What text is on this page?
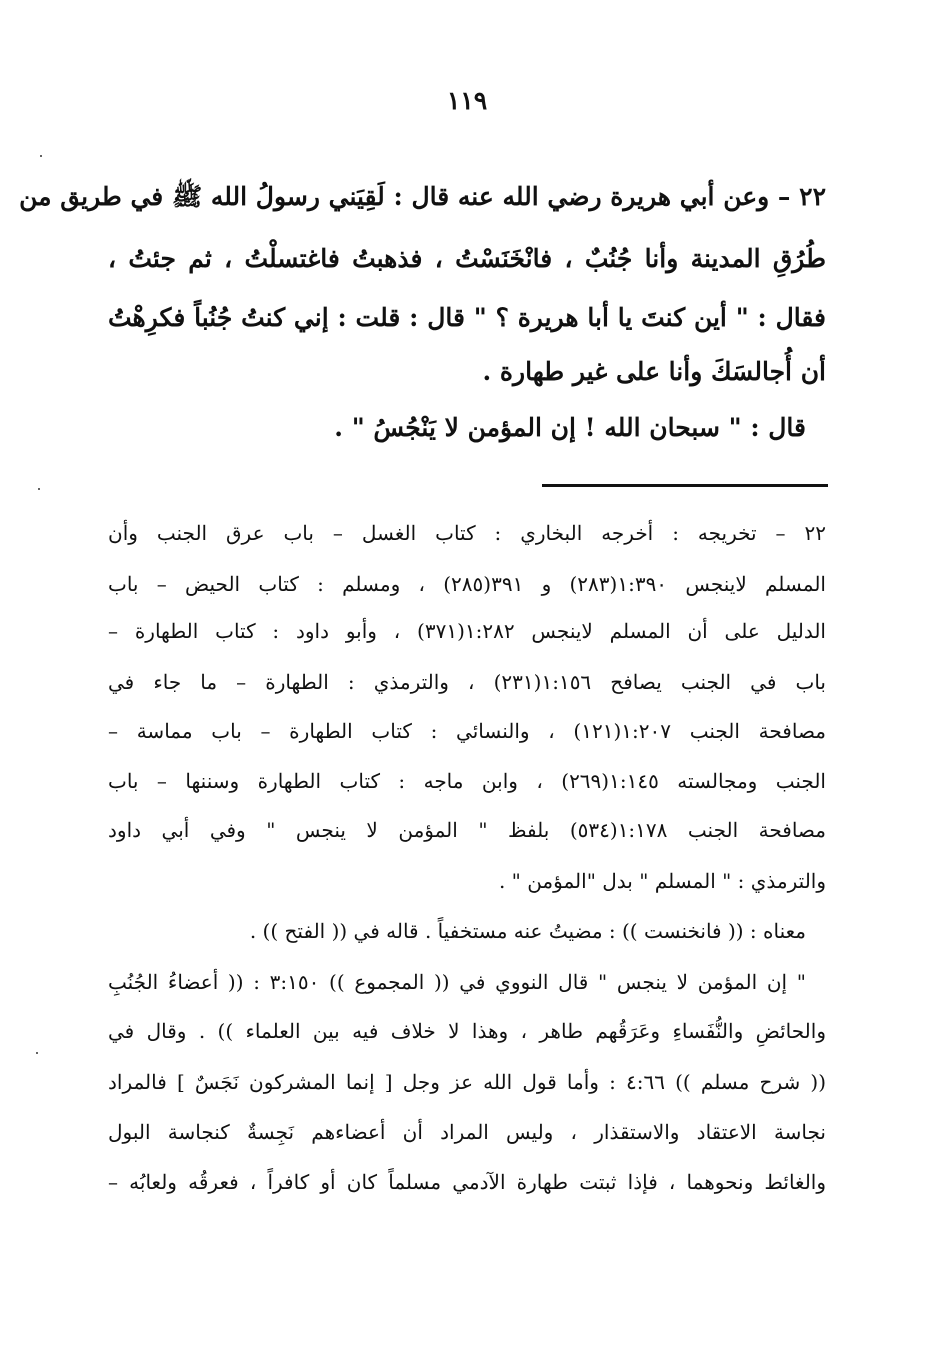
١١٩
٢٢ – وعن أبي هريرة رضي الله عنه قال : لَقِيَني رسولُ الله ﷺ في طريق من
طُرُقِ المدينة وأنا جُنُبٌ ، فانْخَنَسْتُ ، فذهبتُ فاغتسلْتُ ، ثم جئتُ ،
فقال : " أين كنتَ يا أبا هريرة ؟ " قال : قلت : إني كنتُ جُنُباً فكرِهْتُ
أن أُجالسَكَ وأنا على غير طهارة .
قال : " سبحان الله ! إن المؤمن لا يَنْجُسُ " .
٢٢ – تخريجه : أخرجه البخاري : كتاب الغسل – باب عرق الجنب وأن
المسلم لاينجس ١:٣٩٠(٢٨٣) و ٣٩١(٢٨٥) ، ومسلم : كتاب الحيض – باب
الدليل على أن المسلم لاينجس ١:٢٨٢(٣٧١) ، وأبو داود : كتاب الطهارة –
باب في الجنب يصافح ١:١٥٦(٢٣١) ، والترمذي : الطهارة – ما جاء في
مصافحة الجنب ١:٢٠٧(١٢١) ، والنسائي : كتاب الطهارة – باب مماسة –
الجنب ومجالسته ١:١٤٥(٢٦٩) ، وابن ماجه : كتاب الطهارة وسننها – باب
مصافحة الجنب ١:١٧٨(٥٣٤) بلفظ " المؤمن لا ينجس " وفي أبي داود
والترمذي : " المسلم " بدل "المؤمن " .
معناه : (( فانخنست )) : مضيتُ عنه مستخفياً . قاله في (( الفتح )) .
" إن المؤمن لا ينجس " قال النووي في (( المجموع )) ٣:١٥٠ : (( أعضاءُ الجُنُبِ
والحائضِ والنُّفَساءِ وعَرَقُهم طاهر ، وهذا لا خلاف فيه بين العلماء )) . وقال في
(( شرح مسلم )) ٤:٦٦ : وأما قول الله عز وجل [ إنما المشركون نَجَسٌ ] فالمراد
نجاسة الاعتقاد والاستقذار ، وليس المراد أن أعضاءهم نَجِسةٌ كنجاسة البول
والغائط ونحوهما ، فإذا ثبتت طهارة الآدمي مسلماً كان أو كافراً ، فعرقُه ولعابُه –
